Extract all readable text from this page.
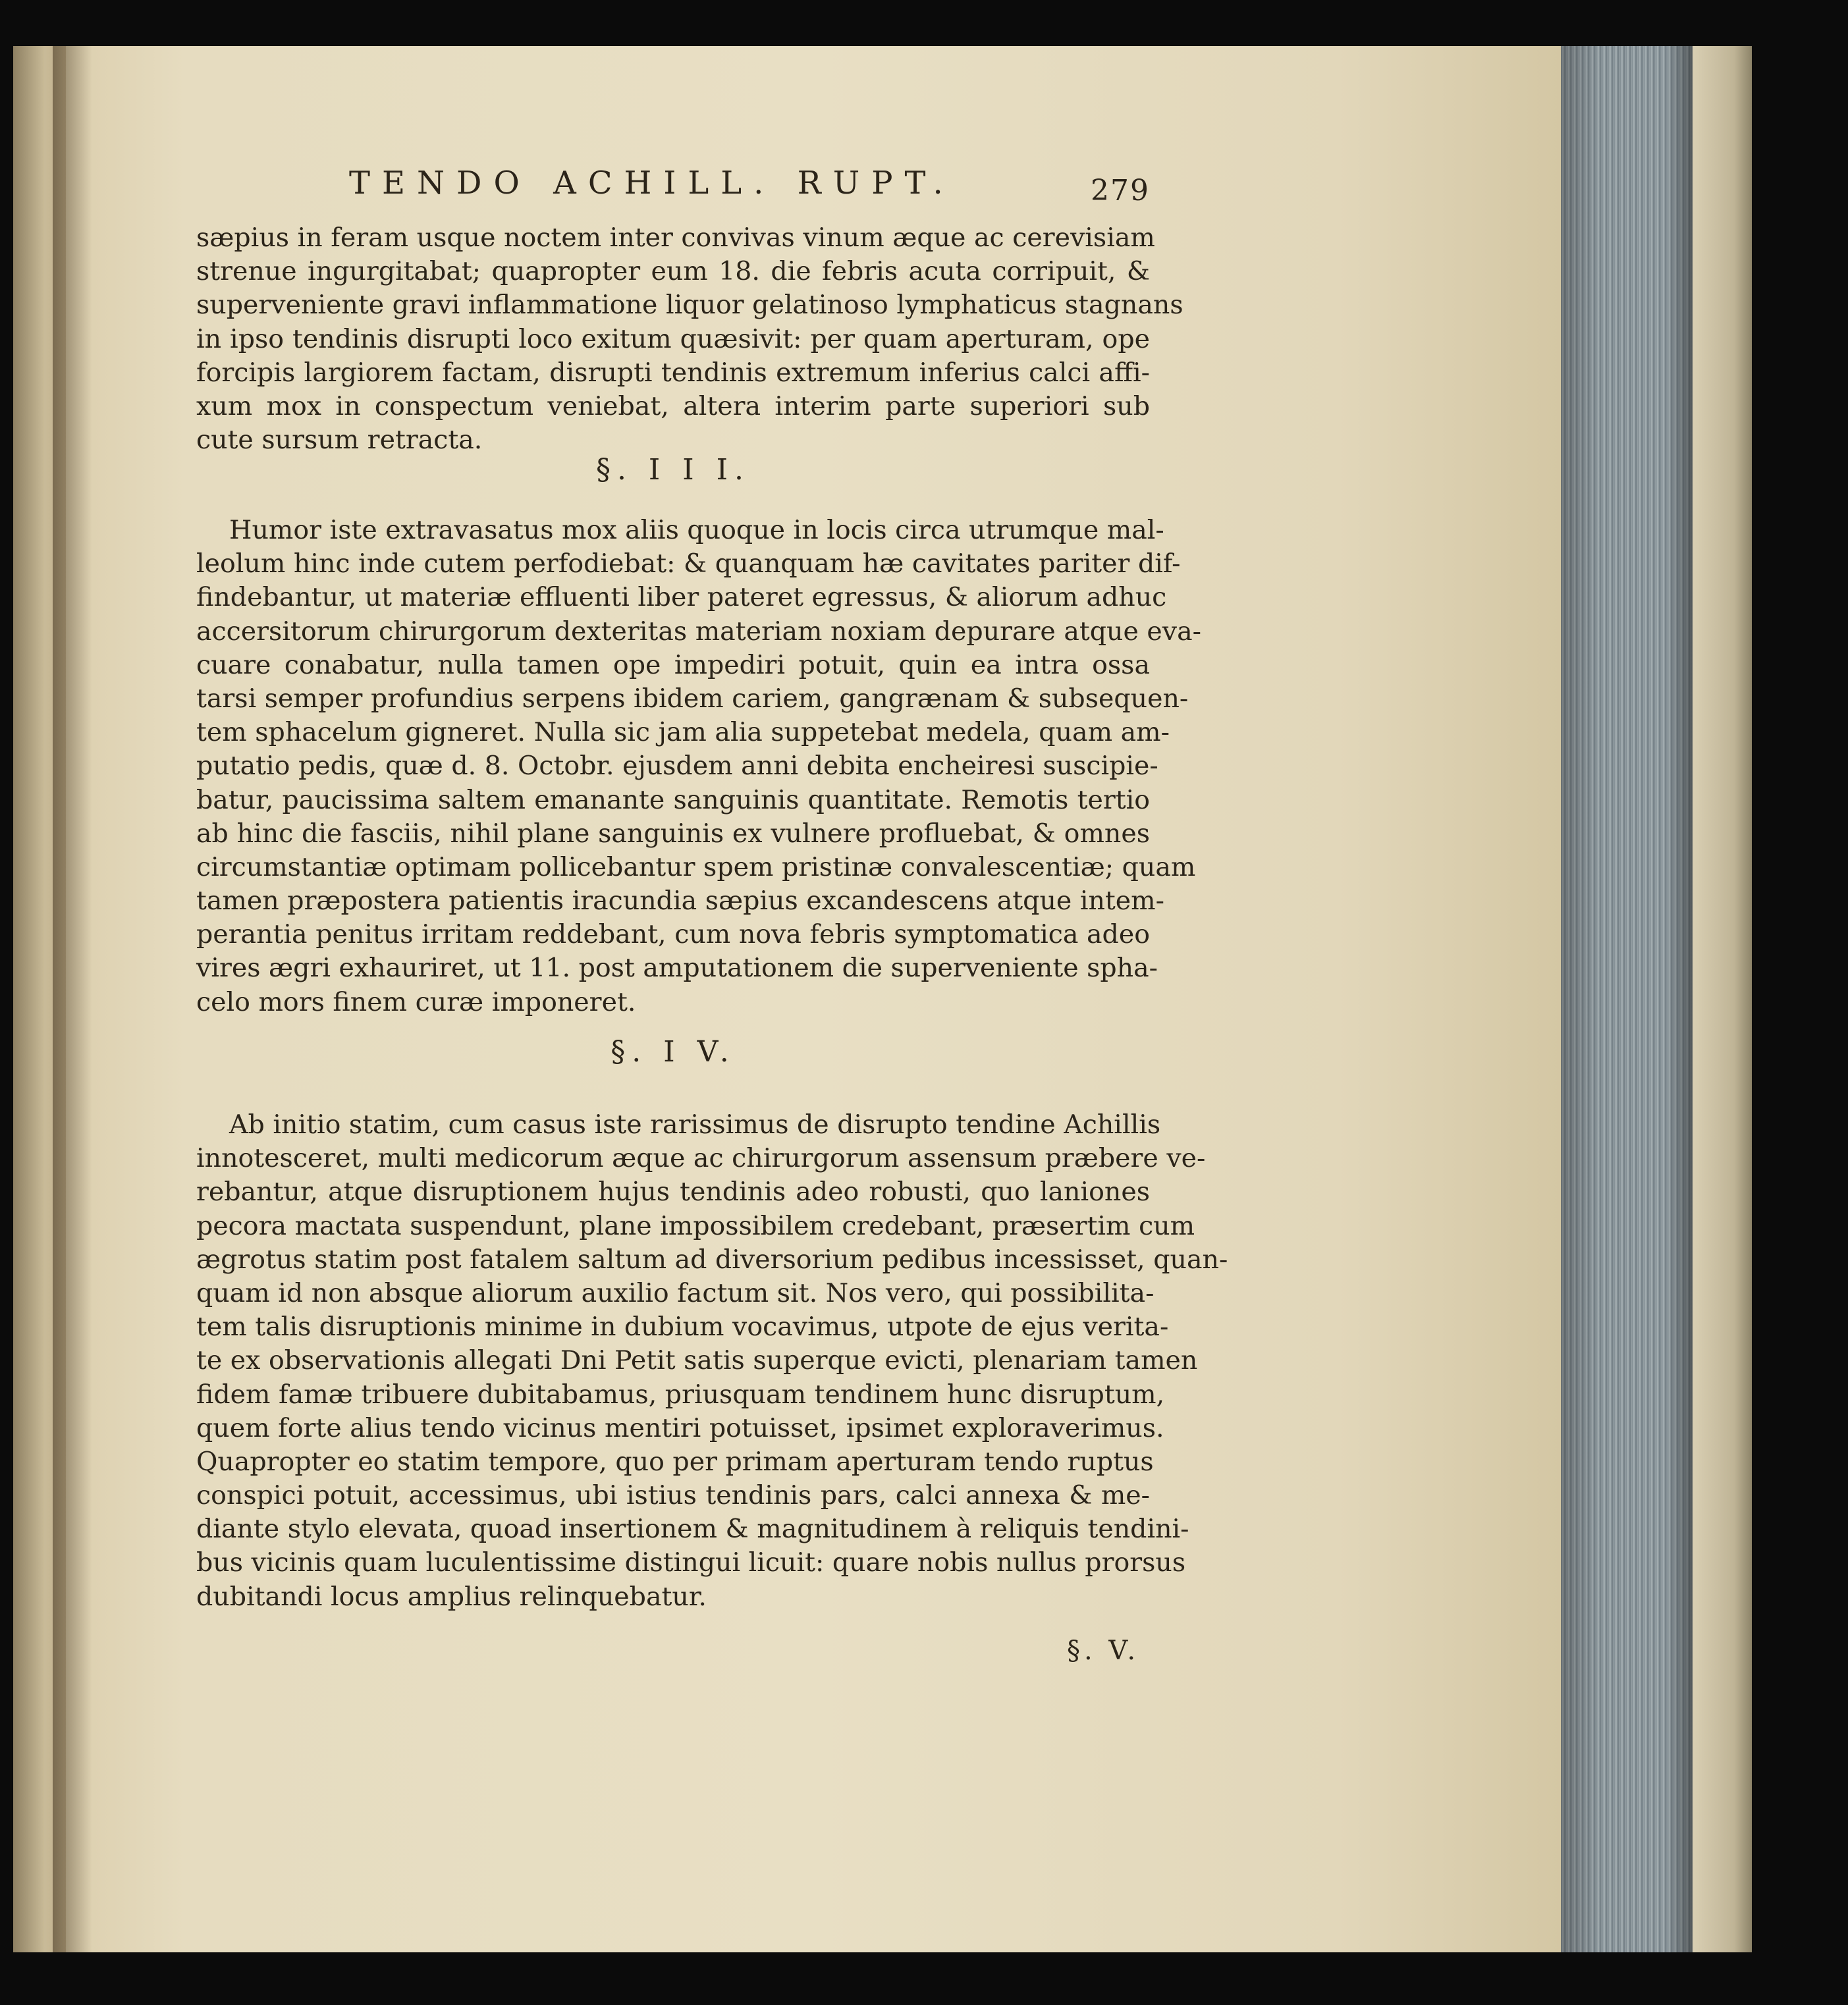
TENDO ACHILL. RUPT.	279
sæpius in feram usque noctem inter convivas vinum æque ac cerevisiam
strenue ingurgitabat; quapropter eum 18. die febris acuta corripuit, &
superveniente gravi inflammatione liquor gelatinoso lymphaticus stagnans
in ipso tendinis disrupti loco exitum quæsivit: per quam aperturam, ope
forcipis largiorem factam, disrupti tendinis extremum inferius calci affi-
xum mox in conspectum veniebat, altera interim parte superiori sub
cute sursum retracta.
§. I I I.
Humor iste extravasatus mox aliis quoque in locis circa utrumque mal-
leolum hinc inde cutem perfodiebat: & quanquam hæ cavitates pariter dif-
findebantur, ut materiæ effluenti liber pateret egressus, & aliorum adhuc
accersitorum chirurgorum dexteritas materiam noxiam depurare atque eva-
cuare conabatur, nulla tamen ope impediri potuit, quin ea intra ossa
tarsi semper profundius serpens ibidem cariem, gangrænam & subsequen-
tem sphacelum gigneret. Nulla sic jam alia suppetebat medela, quam am-
putatio pedis, quæ d. 8. Octobr. ejusdem anni debita encheiresi suscipie-
batur, paucissima saltem emanante sanguinis quantitate. Remotis tertio
ab hinc die fasciis, nihil plane sanguinis ex vulnere profluebat, & omnes
circumstantiæ optimam pollicebantur spem pristinæ convalescentiæ; quam
tamen præpostera patientis iracundia sæpius excandescens atque intem-
perantia penitus irritam reddebant, cum nova febris symptomatica adeo
vires ægri exhauriret, ut 11. post amputationem die superveniente spha-
celo mors finem curæ imponeret.
§. I V.
Ab initio statim, cum casus iste rarissimus de disrupto tendine Achillis
innotesceret, multi medicorum æque ac chirurgorum assensum præbere ve-
rebantur, atque disruptionem hujus tendinis adeo robusti, quo laniones
pecora mactata suspendunt, plane impossibilem credebant, præsertim cum
ægrotus statim post fatalem saltum ad diversorium pedibus incessisset, quan-
quam id non absque aliorum auxilio factum sit. Nos vero, qui possibilita-
tem talis disruptionis minime in dubium vocavimus, utpote de ejus verita-
te ex observationis allegati Dni Petit satis superque evicti, plenariam tamen
fidem famæ tribuere dubitabamus, priusquam tendinem hunc disruptum,
quem forte alius tendo vicinus mentiri potuisset, ipsimet exploraverimus.
Quapropter eo statim tempore, quo per primam aperturam tendo ruptus
conspici potuit, accessimus, ubi istius tendinis pars, calci annexa & me-
diante stylo elevata, quoad insertionem & magnitudinem à reliquis tendini-
bus vicinis quam luculentissime distingui licuit: quare nobis nullus prorsus
dubitandi locus amplius relinquebatur.
§. V.
